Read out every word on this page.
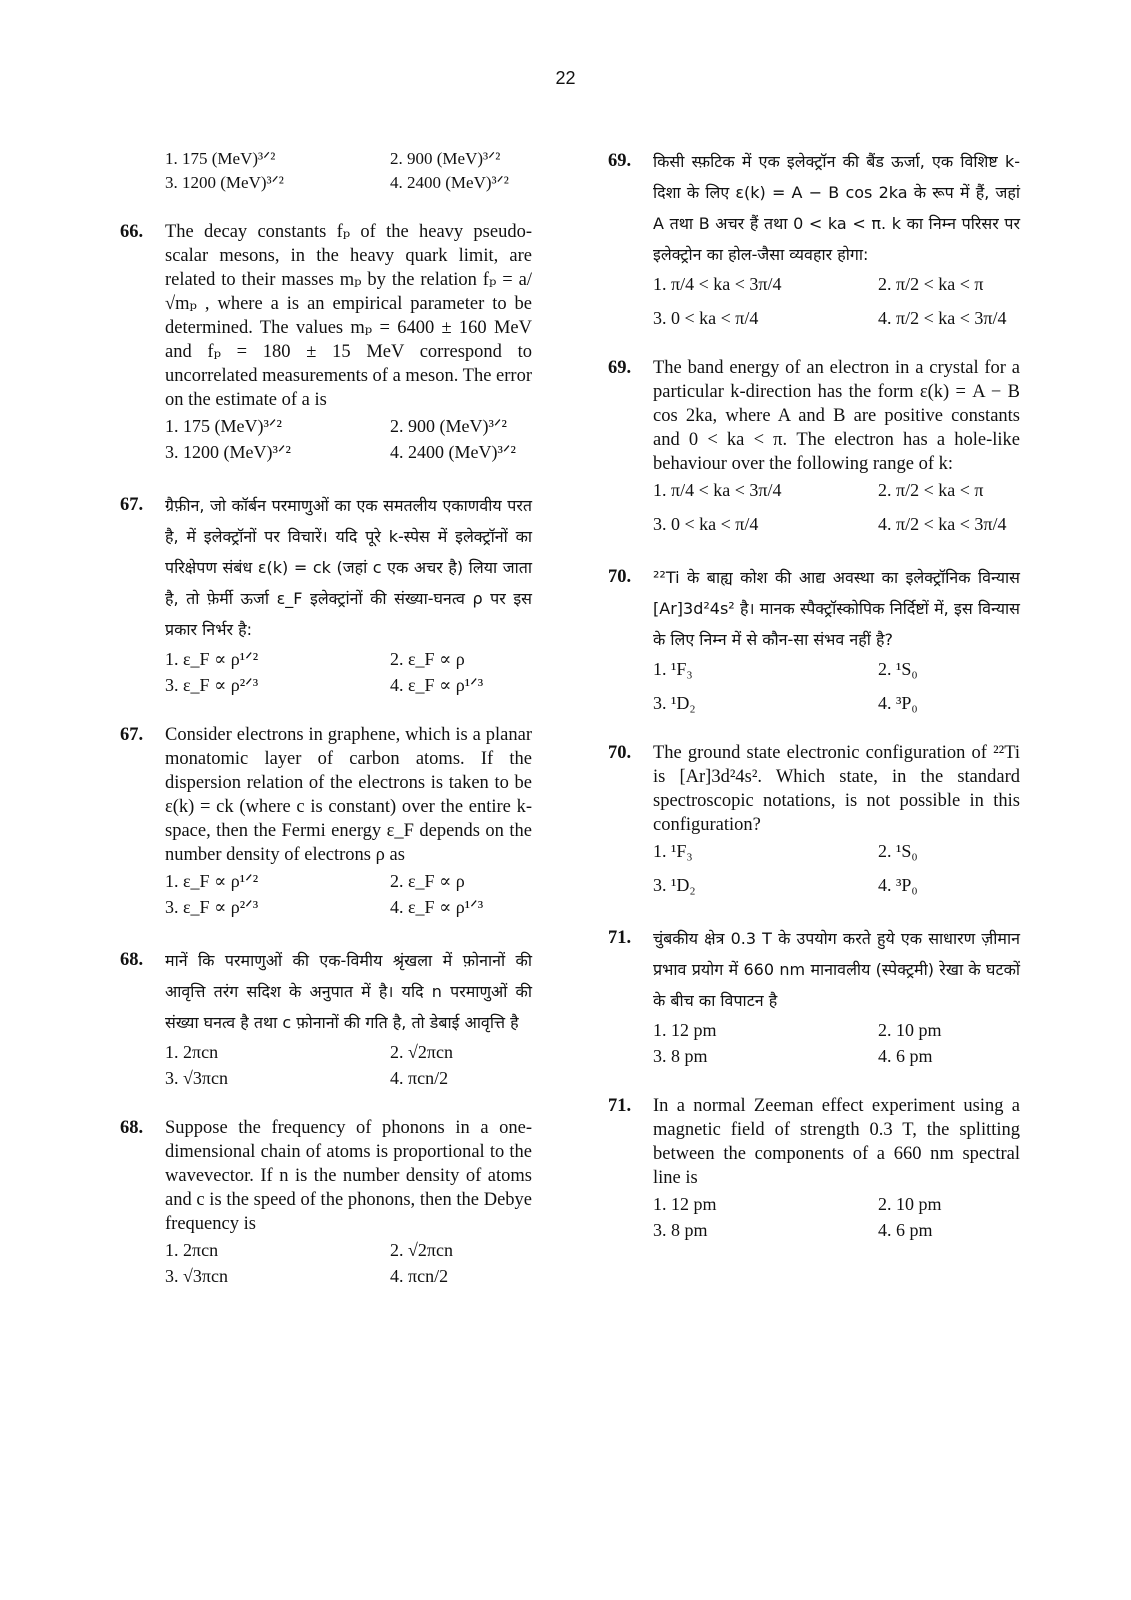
22
1. 175 (MeV)³ᐟ²	2. 900 (MeV)³ᐟ²
3. 1200 (MeV)³ᐟ²	4. 2400 (MeV)³ᐟ²
66. The decay constants fₚ of the heavy pseudo-scalar mesons, in the heavy quark limit, are related to their masses mₚ by the relation fₚ = a/√mₚ , where a is an empirical parameter to be determined. The values mₚ = 6400 ± 160 MeV and fₚ = 180 ± 15 MeV correspond to uncorrelated measurements of a meson. The error on the estimate of a is
1. 175 (MeV)³ᐟ²	2. 900 (MeV)³ᐟ²
3. 1200 (MeV)³ᐟ²	4. 2400 (MeV)³ᐟ²
67. ग्रैफ़ीन, जो कॉर्बन परमाणुओं का एक समतलीय एकाणवीय परत है, में इलेक्ट्रॉनों पर विचारें। यदि पूरे k-स्पेस में इलेक्ट्रॉनों का परिक्षेपण संबंध ε(k) = ck (जहां c एक अचर है) लिया जाता है, तो फ़ेर्मी ऊर्जा ε_F इलेक्ट्रांनों की संख्या-घनत्व ρ पर इस प्रकार निर्भर है:
1. ε_F ∝ ρ¹ᐟ²	2. ε_F ∝ ρ
3. ε_F ∝ ρ²ᐟ³	4. ε_F ∝ ρ¹ᐟ³
67. Consider electrons in graphene, which is a planar monatomic layer of carbon atoms. If the dispersion relation of the electrons is taken to be ε(k) = ck (where c is constant) over the entire k-space, then the Fermi energy ε_F depends on the number density of electrons ρ as
1. ε_F ∝ ρ¹ᐟ²	2. ε_F ∝ ρ
3. ε_F ∝ ρ²ᐟ³	4. ε_F ∝ ρ¹ᐟ³
68. मानें कि परमाणुओं की एक-विमीय श्रृंखला में फ़ोनानों की आवृत्ति तरंग सदिश के अनुपात में है। यदि n परमाणुओं की संख्या घनत्व है तथा c फ़ोनानों की गति है, तो डेबाई आवृत्ति है
1. 2πcn	2. √2πcn
3. √3πcn	4. πcn/2
68. Suppose the frequency of phonons in a one-dimensional chain of atoms is proportional to the wavevector. If n is the number density of atoms and c is the speed of the phonons, then the Debye frequency is
1. 2πcn	2. √2πcn
3. √3πcn	4. πcn/2
69. किसी स्फ़टिक में एक इलेक्ट्रॉन की बैंड ऊर्जा, एक विशिष्ट k-दिशा के लिए ε(k) = A − B cos 2ka के रूप में हैं, जहां A तथा B अचर हैं तथा 0 < ka < π. k का निम्न परिसर पर इलेक्ट्रोन का होल-जैसा व्यवहार होगा:
1. π/4 < ka < 3π/4	2. π/2 < ka < π
3. 0 < ka < π/4	4. π/2 < ka < 3π/4
69. The band energy of an electron in a crystal for a particular k-direction has the form ε(k) = A − B cos 2ka, where A and B are positive constants and 0 < ka < π. The electron has a hole-like behaviour over the following range of k:
1. π/4 < ka < 3π/4	2. π/2 < ka < π
3. 0 < ka < π/4	4. π/2 < ka < 3π/4
70. ²²Ti के बाह्य कोश की आद्य अवस्था का इलेक्ट्रॉनिक विन्यास [Ar]3d²4s² है। मानक स्पैक्ट्रॉस्कोपिक निर्दिष्टों में, इस विन्यास के लिए निम्न में से कौन-सा संभव नहीं है?
1. ¹F₃	2. ¹S₀
3. ¹D₂	4. ³P₀
70. The ground state electronic configuration of ²²Ti is [Ar]3d²4s². Which state, in the standard spectroscopic notations, is not possible in this configuration?
1. ¹F₃	2. ¹S₀
3. ¹D₂	4. ³P₀
71. चुंबकीय क्षेत्र 0.3 T के उपयोग करते हुये एक साधारण ज़ीमान प्रभाव प्रयोग में 660 nm मानावलीय (स्पेक्ट्रमी) रेखा के घटकों के बीच का विपाटन है
1. 12 pm	2. 10 pm
3. 8 pm	4. 6 pm
71. In a normal Zeeman effect experiment using a magnetic field of strength 0.3 T, the splitting between the components of a 660 nm spectral line is
1. 12 pm	2. 10 pm
3. 8 pm	4. 6 pm
